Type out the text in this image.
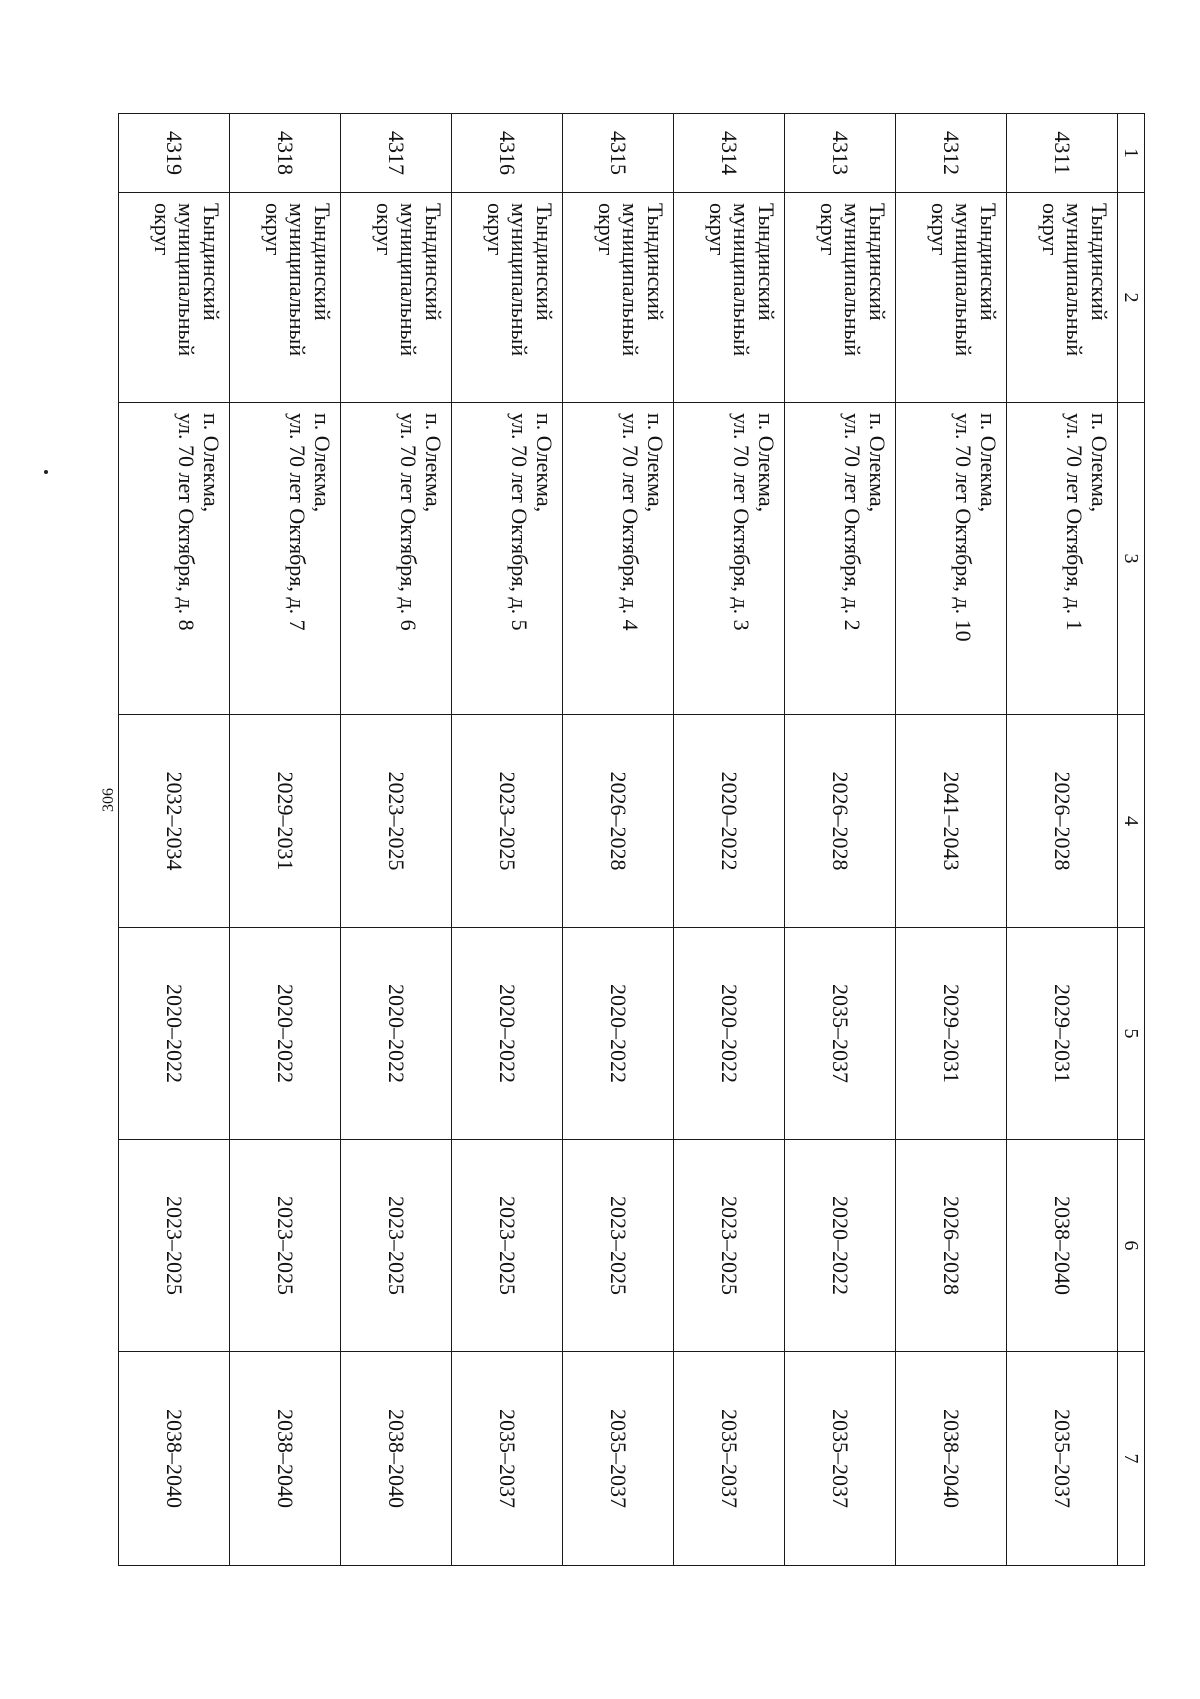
306
1	2	3	4	5	6	7
4311	Тындинский муниципальный округ	п. Олекма,
ул. 70 лет Октября, д. 1	2026–2028	2029–2031	2038–2040	2035–2037
4312	Тындинский муниципальный округ	п. Олекма,
ул. 70 лет Октября, д. 10	2041–2043	2029–2031	2026–2028	2038–2040
4313	Тындинский муниципальный округ	п. Олекма,
ул. 70 лет Октября, д. 2	2026–2028	2035–2037	2020–2022	2035–2037
4314	Тындинский муниципальный округ	п. Олекма,
ул. 70 лет Октября, д. 3	2020–2022	2020–2022	2023–2025	2035–2037
4315	Тындинский муниципальный округ	п. Олекма,
ул. 70 лет Октября, д. 4	2026–2028	2020–2022	2023–2025	2035–2037
4316	Тындинский муниципальный округ	п. Олекма,
ул. 70 лет Октября, д. 5	2023–2025	2020–2022	2023–2025	2035–2037
4317	Тындинский муниципальный округ	п. Олекма,
ул. 70 лет Октября, д. 6	2023–2025	2020–2022	2023–2025	2038–2040
4318	Тындинский муниципальный округ	п. Олекма,
ул. 70 лет Октября, д. 7	2029–2031	2020–2022	2023–2025	2038–2040
4319	Тындинский муниципальный округ	п. Олекма,
ул. 70 лет Октября, д. 8	2032–2034	2020–2022	2023–2025	2038–2040
